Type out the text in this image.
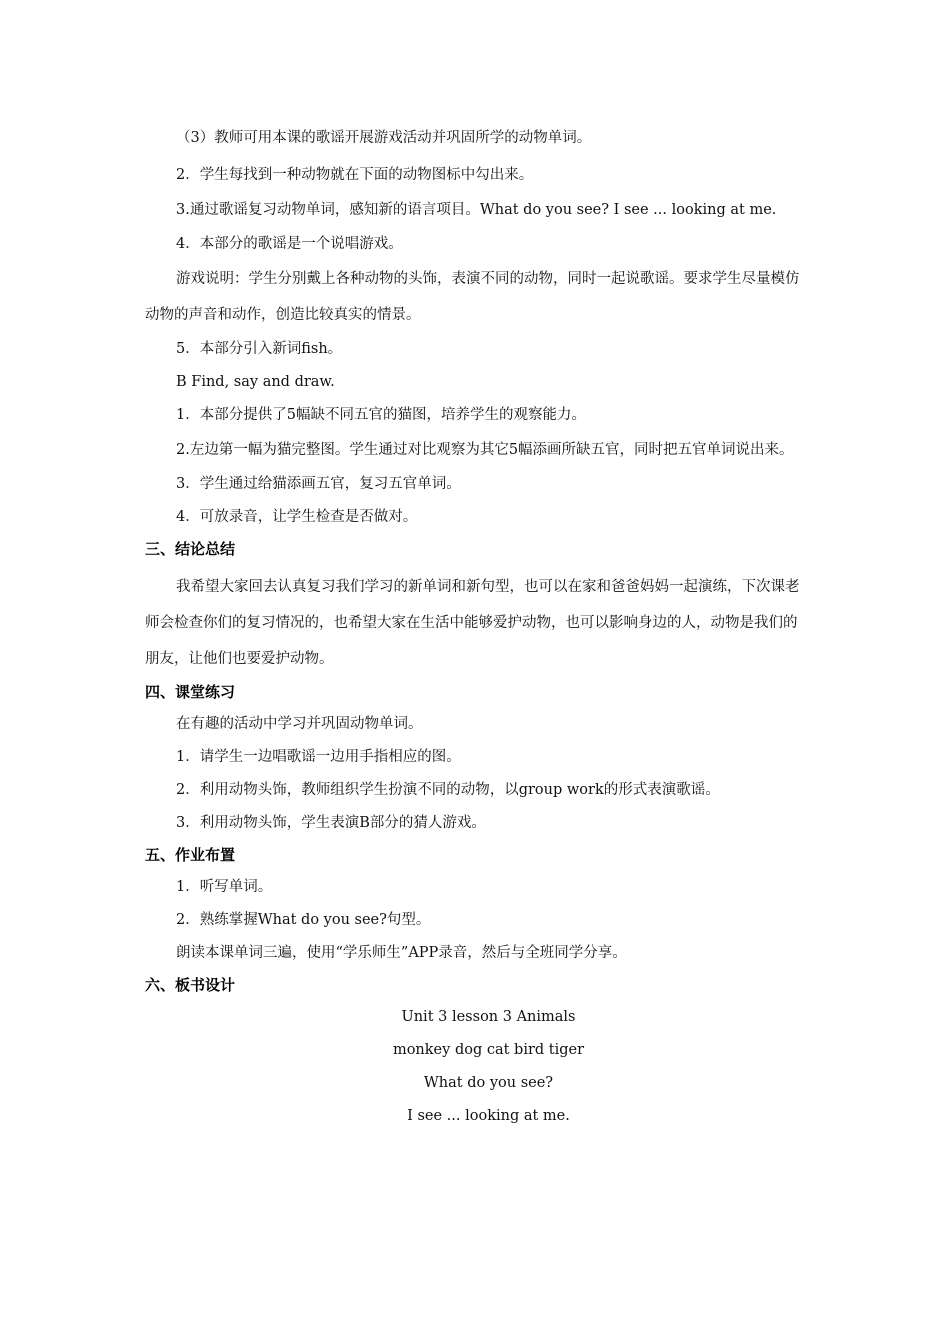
（3）教师可用本课的歌谣开展游戏活动并巩固所学的动物单词。

2．学生每找到一种动物就在下面的动物图标中勾出来。

3.通过歌谣复习动物单词，感知新的语言项目。What do you see? I see ... looking at me.

4．本部分的歌谣是一个说唱游戏。

游戏说明：学生分别戴上各种动物的头饰，表演不同的动物，同时一起说歌谣。要求学生尽量模仿动物的声音和动作，创造比较真实的情景。

5．本部分引入新词fish。

B Find, say and draw.

1．本部分提供了5幅缺不同五官的猫图，培养学生的观察能力。

2.左边第一幅为猫完整图。学生通过对比观察为其它5幅添画所缺五官，同时把五官单词说出来。

3．学生通过给猫添画五官，复习五官单词。

4．可放录音，让学生检查是否做对。

三、结论总结

我希望大家回去认真复习我们学习的新单词和新句型，也可以在家和爸爸妈妈一起演练，下次课老师会检查你们的复习情况的，也希望大家在生活中能够爱护动物，也可以影响身边的人，动物是我们的朋友，让他们也要爱护动物。

四、课堂练习

在有趣的活动中学习并巩固动物单词。

1．请学生一边唱歌谣一边用手指相应的图。

2．利用动物头饰，教师组织学生扮演不同的动物，以group work的形式表演歌谣。

3．利用动物头饰，学生表演B部分的猜人游戏。

五、作业布置

1．听写单词。

2．熟练掌握What do you see?句型。

朗读本课单词三遍，使用“学乐师生”APP录音，然后与全班同学分享。

六、板书设计
Unit 3 lesson 3 Animals
monkey dog cat bird tiger
What do you see?
I see ... looking at me.
